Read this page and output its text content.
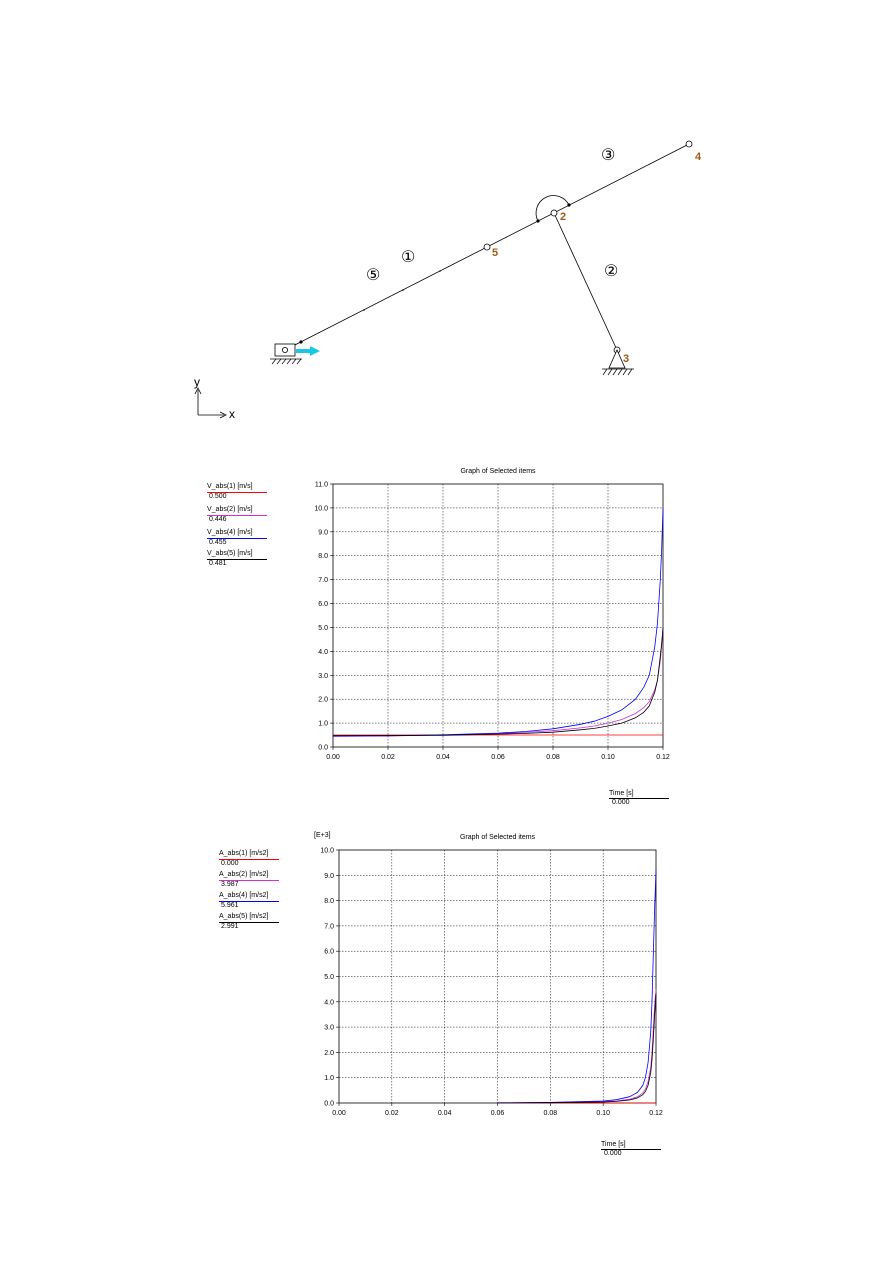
①
②
③
⑤
2
3
4
5
y
x
V_abs(1) [m/s]
0.500
V_abs(2) [m/s]
0.446
V_abs(4) [m/s]
0.455
V_abs(5) [m/s]
0.481
Graph of Selected items
0.0
1.0
2.0
3.0
4.0
5.0
6.0
7.0
8.0
9.0
10.0
11.0
0.00	0.02	0.04	0.06	0.08	0.10	0.12
Time [s]
0.000
A_abs(1) [m/s2]
0.000
A_abs(2) [m/s2]
3.987
A_abs(4) [m/s2]
5.961
A_abs(5) [m/s2]
2.991
Graph of Selected items
[E+3]
0.0
1.0
2.0
3.0
4.0
5.0
6.0
7.0
8.0
9.0
10.0
0.00	0.02	0.04	0.06	0.08	0.10	0.12
Time [s]
0.000
